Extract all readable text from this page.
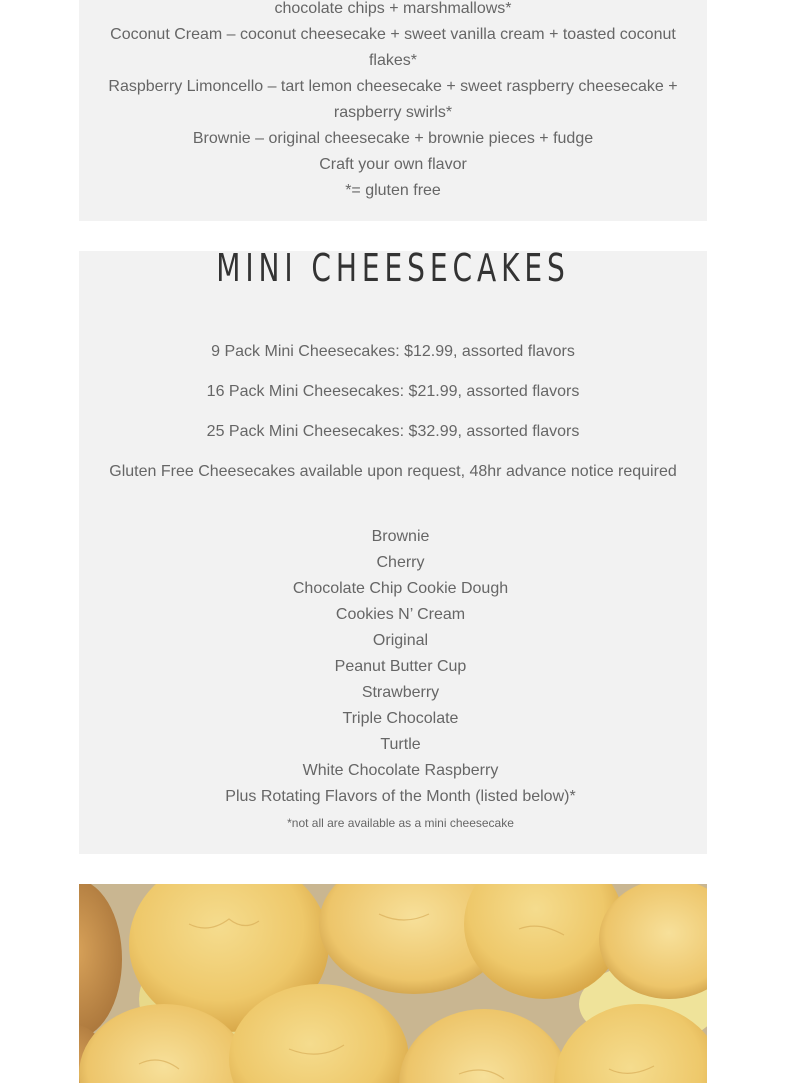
chocolate chips + marshmallows*
Coconut Cream – coconut cheesecake + sweet vanilla cream + toasted coconut flakes*
Raspberry Limoncello – tart lemon cheesecake + sweet raspberry cheesecake + raspberry swirls*
Brownie – original cheesecake + brownie pieces + fudge
Craft your own flavor
*= gluten free
9 Pack Mini Cheesecakes: $12.99, assorted flavors
16 Pack Mini Cheesecakes: $21.99, assorted flavors
25 Pack Mini Cheesecakes: $32.99, assorted flavors
Gluten Free Cheesecakes available upon request, 48hr advance notice required
Brownie
Cherry
Chocolate Chip Cookie Dough
Cookies N’ Cream
Original
Peanut Butter Cup
Strawberry
Triple Chocolate
Turtle
White Chocolate Raspberry
Plus Rotating Flavors of the Month (listed below)*
*not all are available as a mini cheesecake
MINI CHEESECAKES
